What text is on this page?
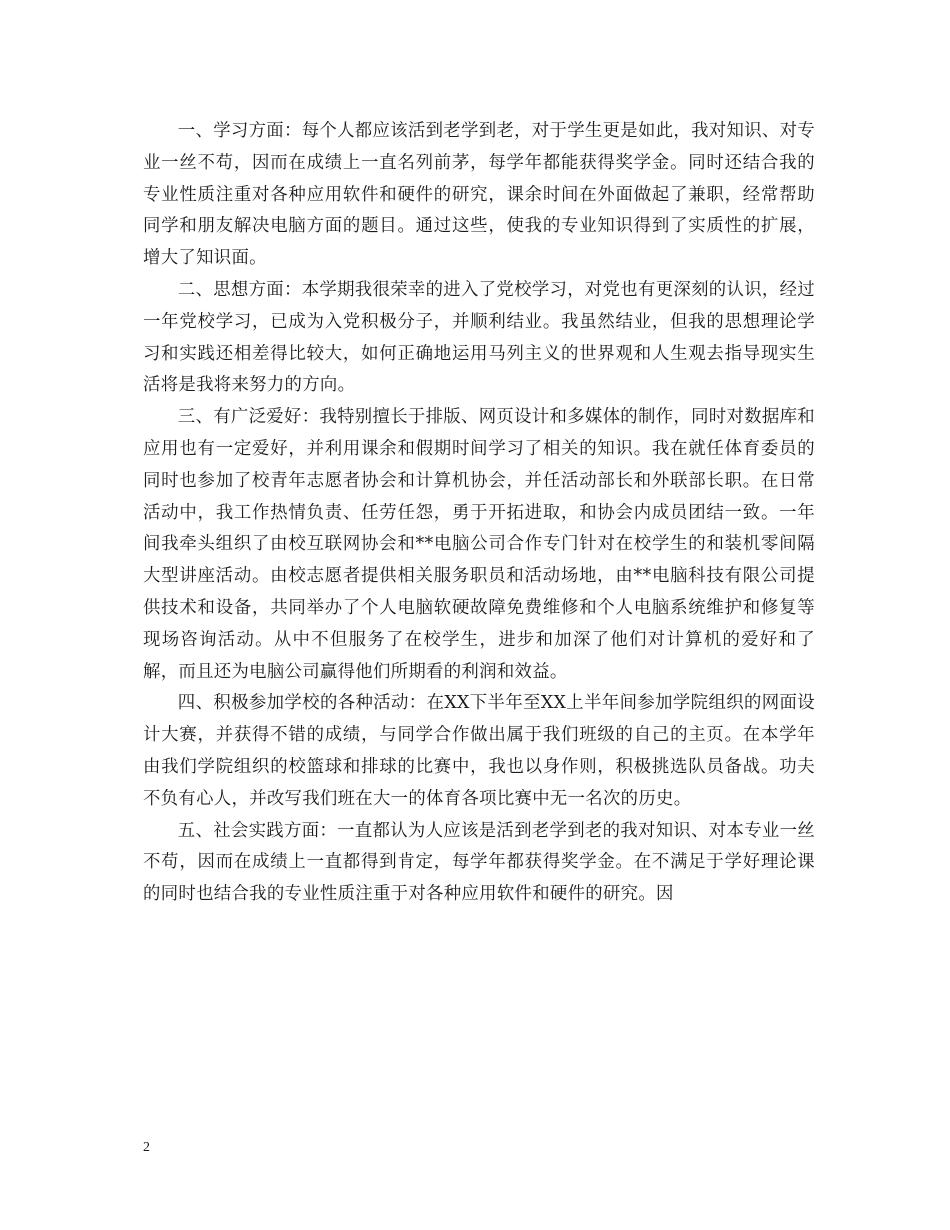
一、学习方面：每个人都应该活到老学到老，对于学生更是如此，我对知识、对专业一丝不苟，因而在成绩上一直名列前茅，每学年都能获得奖学金。同时还结合我的专业性质注重对各种应用软件和硬件的研究，课余时间在外面做起了兼职，经常帮助同学和朋友解决电脑方面的题目。通过这些，使我的专业知识得到了实质性的扩展，增大了知识面。

二、思想方面：本学期我很荣幸的进入了党校学习，对党也有更深刻的认识，经过一年党校学习，已成为入党积极分子，并顺利结业。我虽然结业，但我的思想理论学习和实践还相差得比较大，如何正确地运用马列主义的世界观和人生观去指导现实生活将是我将来努力的方向。

三、有广泛爱好：我特别擅长于排版、网页设计和多媒体的制作，同时对数据库和应用也有一定爱好，并利用课余和假期时间学习了相关的知识。我在就任体育委员的同时也参加了校青年志愿者协会和计算机协会，并任活动部长和外联部长职。在日常活动中，我工作热情负责、任劳任怨，勇于开拓进取，和协会内成员团结一致。一年间我牵头组织了由校互联网协会和**电脑公司合作专门针对在校学生的和装机零间隔大型讲座活动。由校志愿者提供相关服务职员和活动场地，由**电脑科技有限公司提供技术和设备，共同举办了个人电脑软硬故障免费维修和个人电脑系统维护和修复等现场咨询活动。从中不但服务了在校学生，进步和加深了他们对计算机的爱好和了解，而且还为电脑公司赢得他们所期看的利润和效益。

四、积极参加学校的各种活动：在XX下半年至XX上半年间参加学院组织的网面设计大赛，并获得不错的成绩，与同学合作做出属于我们班级的自己的主页。在本学年由我们学院组织的校篮球和排球的比赛中，我也以身作则，积极挑选队员备战。功夫不负有心人，并改写我们班在大一的体育各项比赛中无一名次的历史。

五、社会实践方面：一直都认为人应该是活到老学到老的我对知识、对本专业一丝不苟，因而在成绩上一直都得到肯定，每学年都获得奖学金。在不满足于学好理论课的同时也结合我的专业性质注重于对各种应用软件和硬件的研究。因

2
